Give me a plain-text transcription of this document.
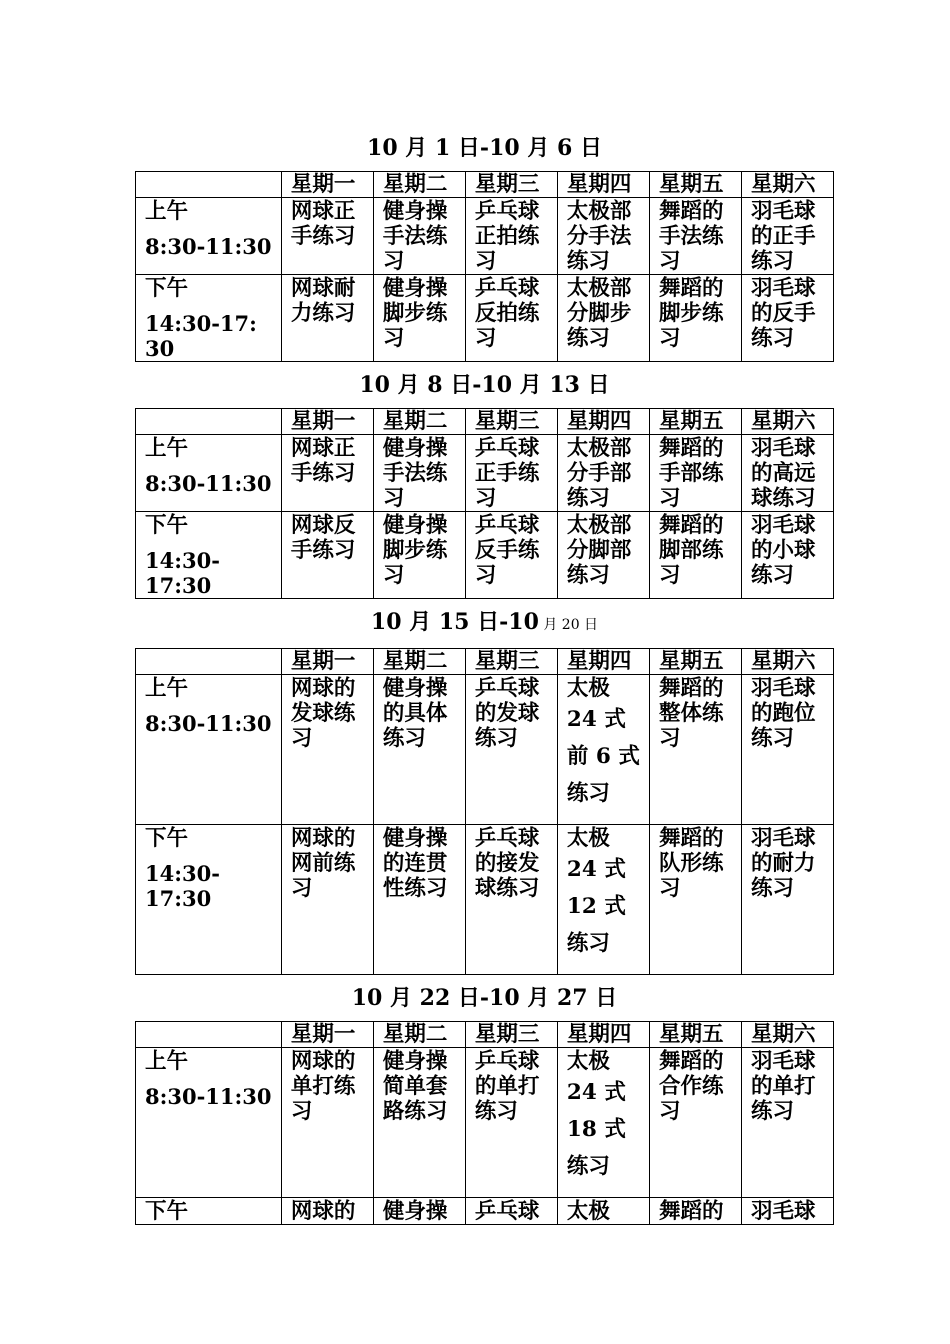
10 月 1 日-10 月 6 日
	星期一	星期二	星期三	星期四	星期五	星期六

上午
8:30-11:30	网球正手练习	健身操手法练习	乒乓球正拍练习	太极部分手法练习	舞蹈的手法练习	羽毛球的正手练习

下午
14:30-17: 30	网球耐力练习	健身操脚步练习	乒乓球反拍练习	太极部分脚步练习	舞蹈的脚步练习	羽毛球的反手练习
10 月 8 日-10 月 13 日
	星期一	星期二	星期三	星期四	星期五	星期六

上午
8:30-11:30	网球正手练习	健身操手法练习	乒乓球正手练习	太极部分手部练习	舞蹈的手部练习	羽毛球的高远球练习

下午
14:30-17:30	网球反手练习	健身操脚步练习	乒乓球反手练习	太极部分脚部练习	舞蹈的脚部练习	羽毛球的小球练习
10 月 15 日-10 月 20 日
	星期一	星期二	星期三	星期四	星期五	星期六

上午
8:30-11:30	网球的发球练习	健身操的具体练习	乒乓球的发球练习	太极
24 式
前 6 式
练习	舞蹈的整体练习	羽毛球的跑位练习

下午
14:30-17:30	网球的网前练习	健身操的连贯性练习	乒乓球的接发球练习	太极
24 式
12 式
练习	舞蹈的队形练习	羽毛球的耐力练习
10 月 22 日-10 月 27 日
	星期一	星期二	星期三	星期四	星期五	星期六

上午
8:30-11:30	网球的单打练习	健身操简单套路练习	乒乓球的单打练习	太极
24 式
18 式
练习	舞蹈的合作练习	羽毛球的单打练习

下午	网球的	健身操	乒乓球	太极	舞蹈的	羽毛球
